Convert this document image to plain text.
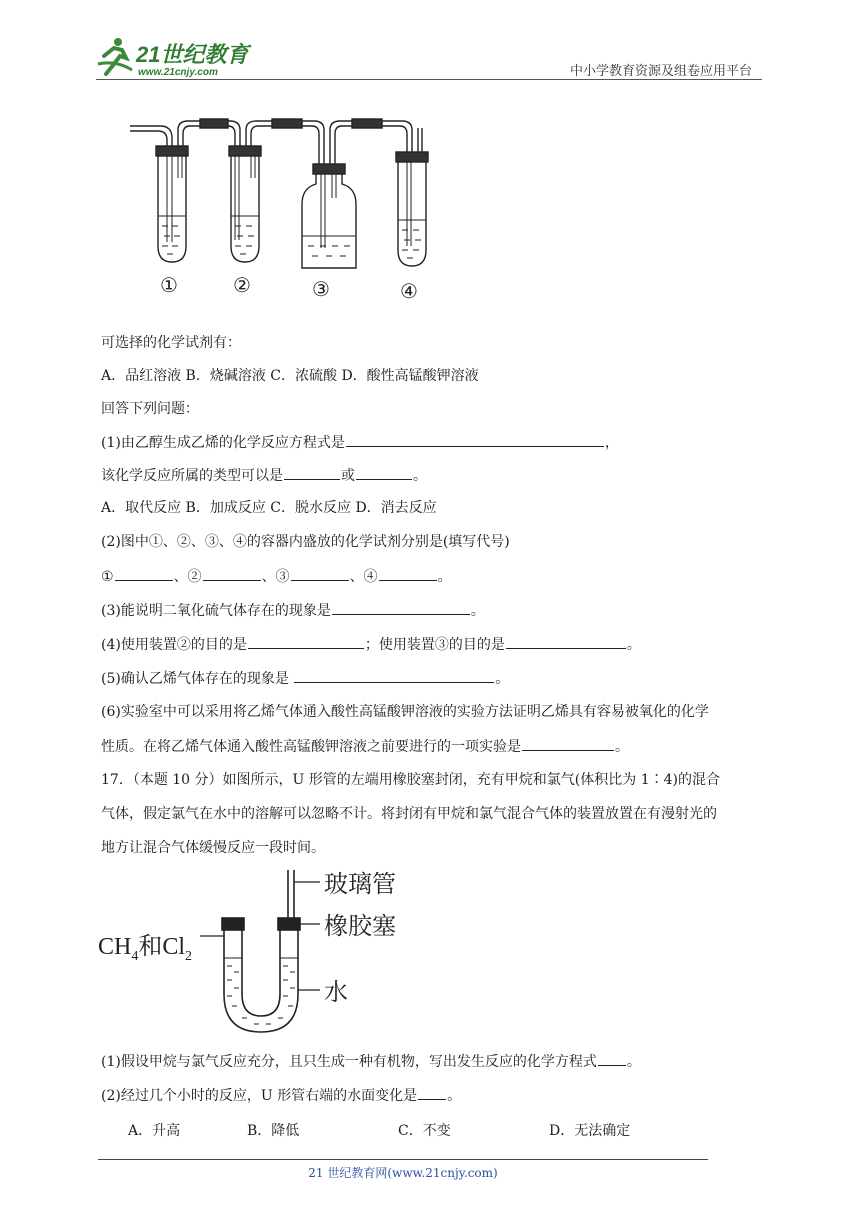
21世纪教育
www.21cnjy.com	中小学教育资源及组卷应用平台
①	②	③	④
可选择的化学试剂有：
A．品红溶液 B．烧碱溶液 C．浓硫酸 D．酸性高锰酸钾溶液
回答下列问题：
(1)由乙醇生成乙烯的化学反应方程式是	，
该化学反应所属的类型可以是	或	。
A．取代反应 B．加成反应 C．脱水反应 D．消去反应
(2)图中①、②、③、④的容器内盛放的化学试剂分别是(填写代号)
①	、②	、③	、④	。
(3)能说明二氧化硫气体存在的现象是	。
(4)使用装置②的目的是	；使用装置③的目的是	。
(5)确认乙烯气体存在的现象是	。
(6)实验室中可以采用将乙烯气体通入酸性高锰酸钾溶液的实验方法证明乙烯具有容易被氧化的化学
性质。在将乙烯气体通入酸性高锰酸钾溶液之前要进行的一项实验是	。
17．（本题 10 分）如图所示，U 形管的左端用橡胶塞封闭，充有甲烷和氯气(体积比为 1∶4)的混合
气体，假定氯气在水中的溶解可以忽略不计。将封闭有甲烷和氯气混合气体的装置放置在有漫射光的
地方让混合气体缓慢反应一段时间。
$CH_4$和$Cl_2$
玻璃管
橡胶塞
水
(1)假设甲烷与氯气反应充分，且只生成一种有机物，写出发生反应的化学方程式 。
(2)经过几个小时的反应，U 形管右端的水面变化是 。
A．升高	B．降低	C．不变	D．无法确定
21 世纪教育网(www.21cnjy.com)
